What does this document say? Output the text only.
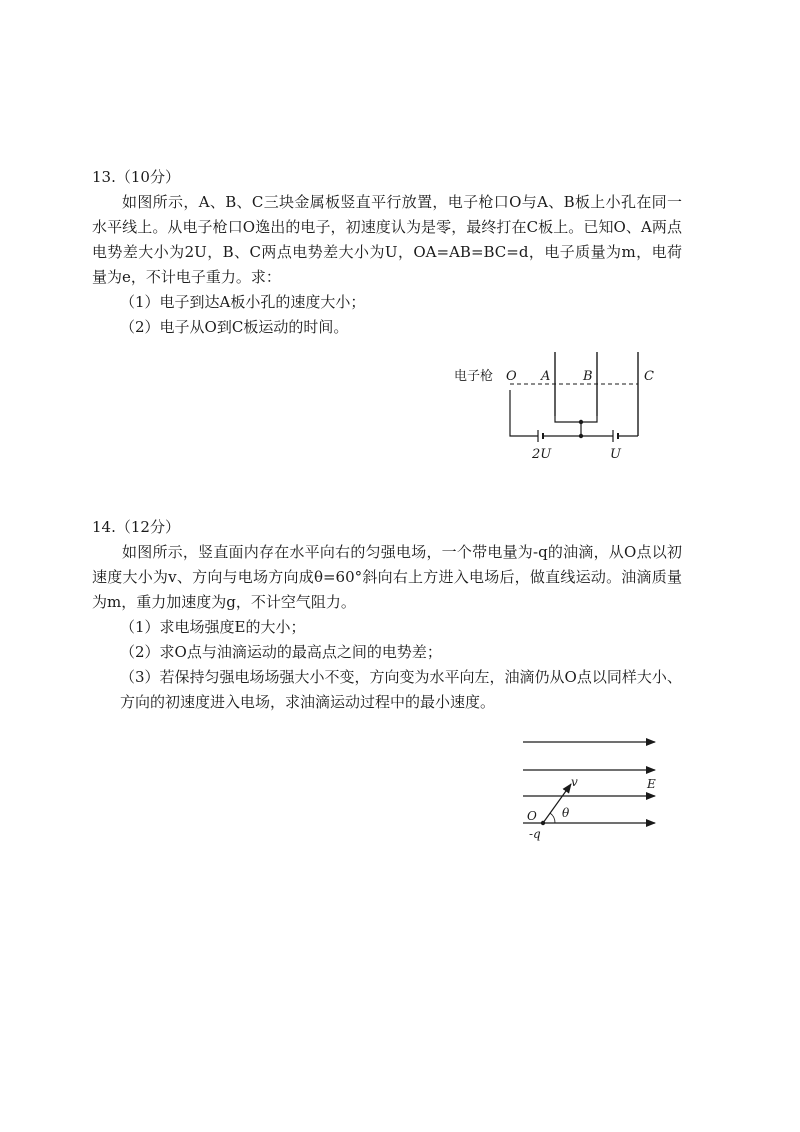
13.（10分）
如图所示，A、B、C三块金属板竖直平行放置，电子枪口O与A、B板上小孔在同一水平线上。从电子枪口O逸出的电子，初速度认为是零，最终打在C板上。已知O、A两点电势差大小为2U，B、C两点电势差大小为U，OA=AB=BC=d，电子质量为m，电荷量为e，不计电子重力。求：
（1）电子到达A板小孔的速度大小；
（2）电子从O到C板运动的时间。
电子枪 O A	B	C
2U	U
14.（12分）
如图所示，竖直面内存在水平向右的匀强电场，一个带电量为-q的油滴，从O点以初速度大小为v、方向与电场方向成θ=60°斜向右上方进入电场后，做直线运动。油滴质量为m，重力加速度为g，不计空气阻力。
（1）求电场强度E的大小；
（2）求O点与油滴运动的最高点之间的电势差；
（3）若保持匀强电场场强大小不变，方向变为水平向左，油滴仍从O点以同样大小、方向的初速度进入电场，求油滴运动过程中的最小速度。
v	E
θ
O
-q
